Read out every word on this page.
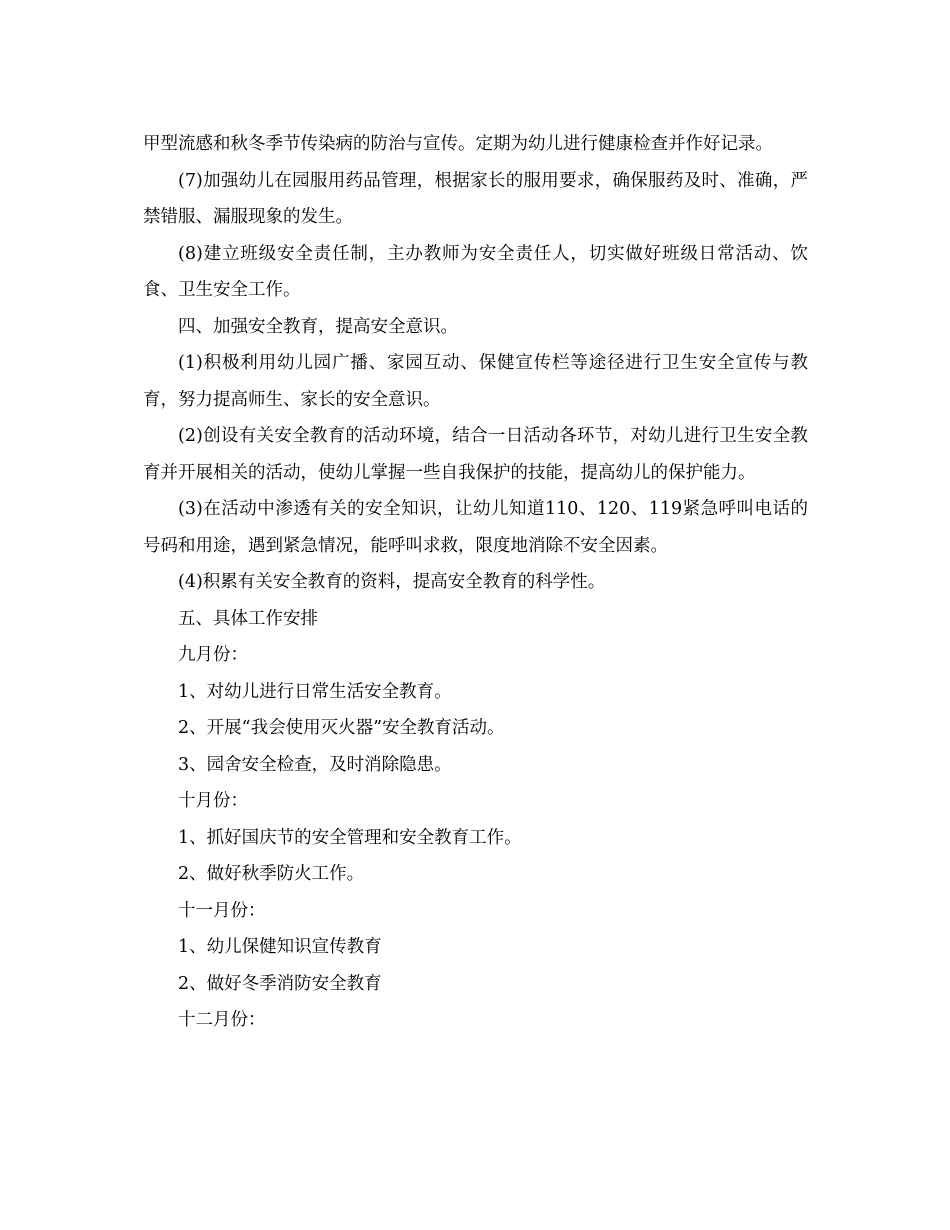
甲型流感和秋冬季节传染病的防治与宣传。定期为幼儿进行健康检查并作好记录。

(7)加强幼儿在园服用药品管理，根据家长的服用要求，确保服药及时、准确，严禁错服、漏服现象的发生。

(8)建立班级安全责任制，主办教师为安全责任人，切实做好班级日常活动、饮食、卫生安全工作。

四、加强安全教育，提高安全意识。

(1)积极利用幼儿园广播、家园互动、保健宣传栏等途径进行卫生安全宣传与教育，努力提高师生、家长的安全意识。

(2)创设有关安全教育的活动环境，结合一日活动各环节，对幼儿进行卫生安全教育并开展相关的活动，使幼儿掌握一些自我保护的技能，提高幼儿的保护能力。

(3)在活动中渗透有关的安全知识，让幼儿知道110、120、119紧急呼叫电话的号码和用途，遇到紧急情况，能呼叫求救，限度地消除不安全因素。

(4)积累有关安全教育的资料，提高安全教育的科学性。

五、具体工作安排

九月份：

1、对幼儿进行日常生活安全教育。

2、开展“我会使用灭火器”安全教育活动。

3、园舍安全检查，及时消除隐患。

十月份：

1、抓好国庆节的安全管理和安全教育工作。

2、做好秋季防火工作。

十一月份：

1、幼儿保健知识宣传教育

2、做好冬季消防安全教育

十二月份：
